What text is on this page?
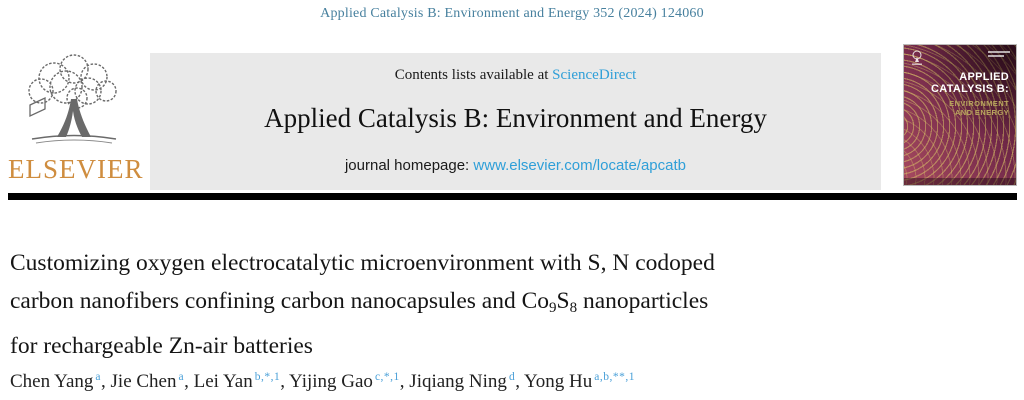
Applied Catalysis B: Environment and Energy 352 (2024) 124060
ELSEVIER
Contents lists available at ScienceDirect
Applied Catalysis B: Environment and Energy
journal homepage: www.elsevier.com/locate/apcatb
APPLIED
CATALYSIS B:
ENVIRONMENT
AND ENERGY
Customizing oxygen electrocatalytic microenvironment with S, N codoped
carbon nanofibers confining carbon nanocapsules and $Co_9S_8$ nanoparticles
for rechargeable Zn-air batteries
Chen Yang $^a$, Jie Chen $^a$, Lei Yan $^{b,*,1}$, Yijing Gao $^{c,*,1}$, Jiqiang Ning $^d$, Yong Hu $^{a,b,**,1}$
